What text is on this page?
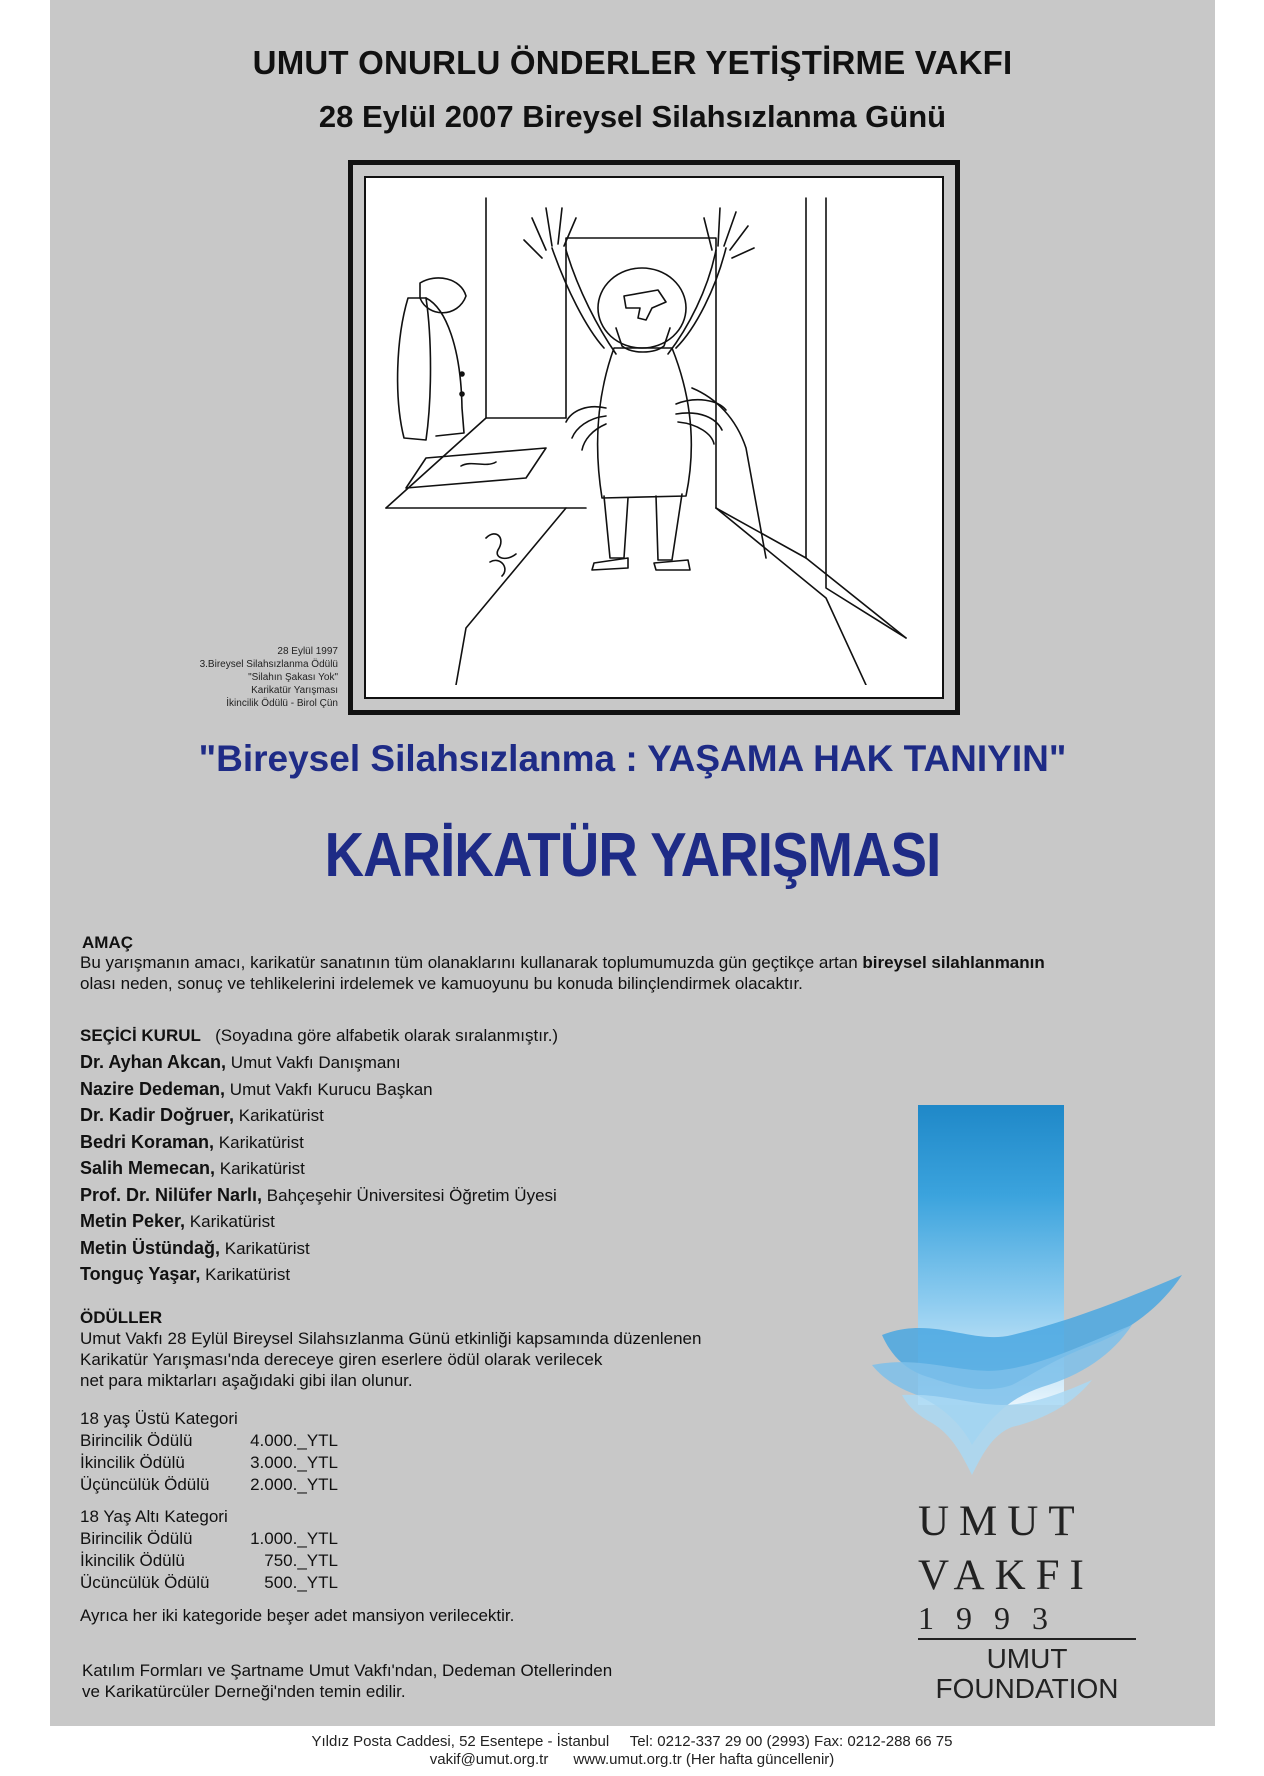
UMUT ONURLU ÖNDERLER YETİŞTİRME VAKFI
28 Eylül 2007 Bireysel Silahsızlanma Günü
28 Eylül 1997
3.Bireysel Silahsızlanma Ödülü
"Silahın Şakası Yok"
Karikatür Yarışması
İkincilik Ödülü - Birol Çün
"Bireysel Silahsızlanma : YAŞAMA HAK TANIYIN"
KARİKATÜR YARIŞMASI
AMAÇ
Bu yarışmanın amacı, karikatür sanatının tüm olanaklarını kullanarak toplumumuzda gün geçtikçe artan bireysel silahlanmanın
olası neden, sonuç ve tehlikelerini irdelemek ve kamuoyunu bu konuda bilinçlendirmek olacaktır.
SEÇİCİ KURUL (Soyadına göre alfabetik olarak sıralanmıştır.)
Dr. Ayhan Akcan, Umut Vakfı Danışmanı
Nazire Dedeman, Umut Vakfı Kurucu Başkan
Dr. Kadir Doğruer, Karikatürist
Bedri Koraman, Karikatürist
Salih Memecan, Karikatürist
Prof. Dr. Nilüfer Narlı, Bahçeşehir Üniversitesi Öğretim Üyesi
Metin Peker, Karikatürist
Metin Üstündağ, Karikatürist
Tonguç Yaşar, Karikatürist
ÖDÜLLER
Umut Vakfı 28 Eylül Bireysel Silahsızlanma Günü etkinliği kapsamında düzenlenen
Karikatür Yarışması'nda dereceye giren eserlere ödül olarak verilecek
net para miktarları aşağıdaki gibi ilan olunur.
18 yaş Üstü Kategori
Birincilik Ödülü	4.000._YTL
İkincilik Ödülü	3.000._YTL
Üçüncülük Ödülü	2.000._YTL
18 Yaş Altı Kategori
Birincilik Ödülü	1.000._YTL
İkincilik Ödülü	750._YTL
Ücüncülük Ödülü	500._YTL
Ayrıca her iki kategoride beşer adet mansiyon verilecektir.
Katılım Formları ve Şartname Umut Vakfı'ndan, Dedeman Otellerinden
ve Karikatürcüler Derneği'nden temin edilir.
UMUT
VAKFI
1993
UMUT
FOUNDATION
Yıldız Posta Caddesi, 52 Esentepe - İstanbul     Tel: 0212-337 29 00 (2993) Fax: 0212-288 66 75
vakif@umut.org.tr      www.umut.org.tr (Her hafta güncellenir)
